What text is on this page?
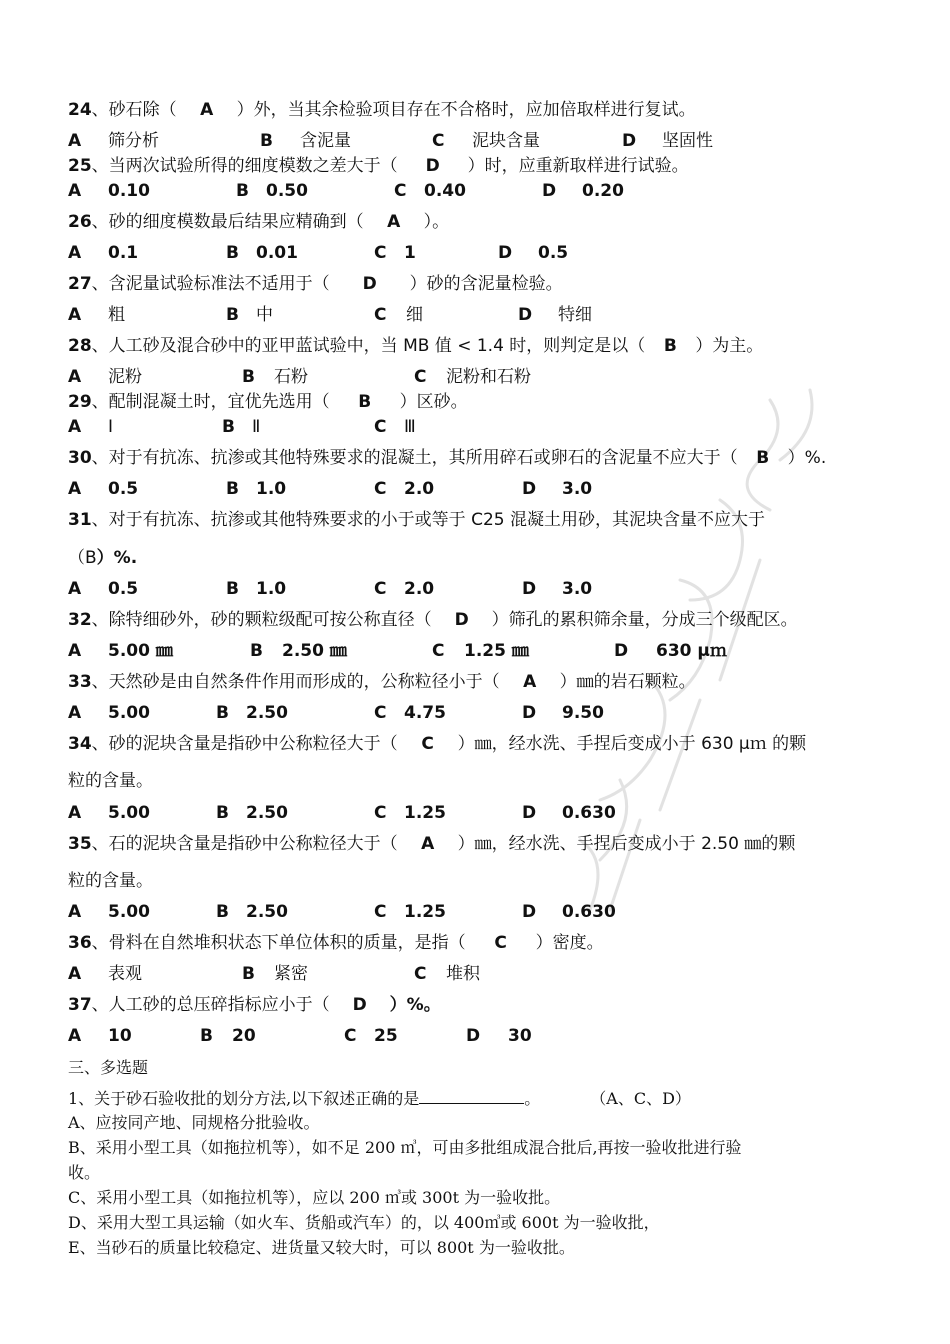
24、砂石除（ A ）外，当其余检验项目存在不合格时，应加倍取样进行复试。
A 筛分析	B 含泥量	C 泥块含量	D 坚固性
25、当两次试验所得的细度模数之差大于（ D ）时，应重新取样进行试验。
A 0.10	B 0.50	C 0.40	D 0.20
26、砂的细度模数最后结果应精确到（ A ）。
A 0.1	B 0.01	C 1	D 0.5
27、含泥量试验标准法不适用于（ D ）砂的含泥量检验。
A 粗	B 中	C 细	D 特细
28、人工砂及混合砂中的亚甲蓝试验中，当 MB 值 < 1.4 时，则判定是以（ B ）为主。
A 泥粉	B 石粉	C 泥粉和石粉
29、配制混凝土时，宜优先选用（ B ）区砂。
A Ⅰ	B Ⅱ	C Ⅲ
30、对于有抗冻、抗渗或其他特殊要求的混凝土，其所用碎石或卵石的含泥量不应大于（ B ）%.
A 0.5	B 1.0	C 2.0	D 3.0
31、对于有抗冻、抗渗或其他特殊要求的小于或等于 C25 混凝土用砂，其泥块含量不应大于
（B）%.
A 0.5	B 1.0	C 2.0	D 3.0
32、除特细砂外，砂的颗粒级配可按公称直径（ D ）筛孔的累积筛余量，分成三个级配区。
A 5.00 ㎜	B 2.50 ㎜	C 1.25 ㎜	D 630 μｍ
33、天然砂是由自然条件作用而形成的，公称粒径小于（ A ）㎜的岩石颗粒。
A 5.00	B 2.50	C 4.75	D 9.50
34、砂的泥块含量是指砂中公称粒径大于（ C ）㎜，经水洗、手捏后变成小于 630 μｍ 的颗
粒的含量。
A 5.00	B 2.50	C 1.25	D 0.630
35、石的泥块含量是指砂中公称粒径大于（ A ）㎜，经水洗、手捏后变成小于 2.50 ㎜的颗
粒的含量。
A 5.00	B 2.50	C 1.25	D 0.630
36、骨料在自然堆积状态下单位体积的质量，是指（ C ）密度。
A 表观	B 紧密	C 堆积
37、人工砂的总压碎指标应小于（ D ）%。
A 10	B 20	C 25	D 30
三、多选题
1、关于砂石验收批的划分方法,以下叙述正确的是	。	（A、C、D）
A、应按同产地、同规格分批验收。
B、采用小型工具（如拖拉机等），如不足 200 ㎥，可由多批组成混合批后,再按一验收批进行验
收。
C、采用小型工具（如拖拉机等），应以 200 ㎥或 300t 为一验收批。
D、采用大型工具运输（如火车、货船或汽车）的，以 400㎥或 600t 为一验收批，
E、当砂石的质量比较稳定、进货量又较大时，可以 800t 为一验收批。
